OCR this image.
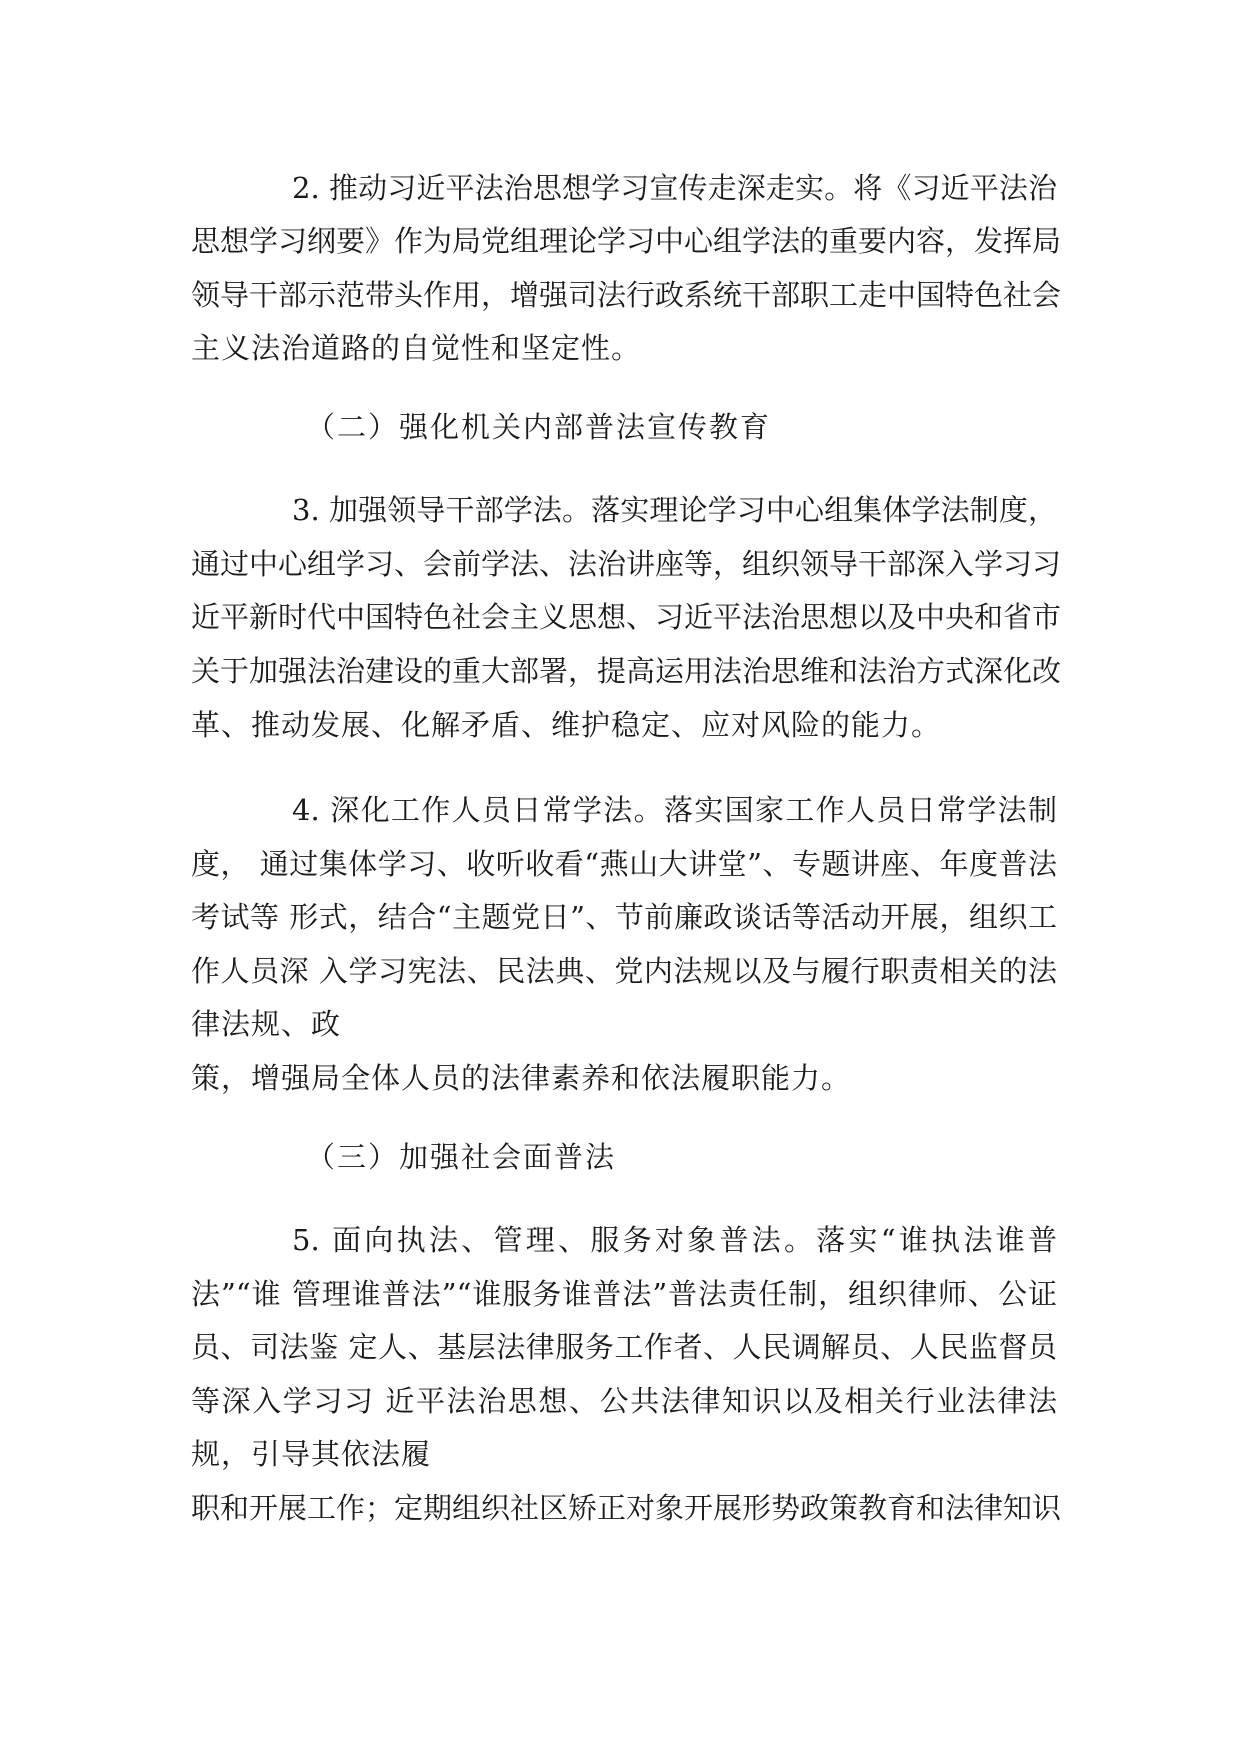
2. 推动习近平法治思想学习宣传走深走实。将《习近平法治
思想学习纲要》作为局党组理论学习中心组学法的重要内容，发挥局
领导干部示范带头作用，增强司法行政系统干部职工走中国特色社会
主义法治道路的自觉性和坚定性。
（二）强化机关内部普法宣传教育
3. 加强领导干部学法。落实理论学习中心组集体学法制度，
通过中心组学习、会前学法、法治讲座等，组织领导干部深入学习习
近平新时代中国特色社会主义思想、习近平法治思想以及中央和省市
关于加强法治建设的重大部署，提高运用法治思维和法治方式深化改
革、推动发展、化解矛盾、维护稳定、应对风险的能力。
4. 深化工作人员日常学法。落实国家工作人员日常学法制
度， 通过集体学习、收听收看“燕山大讲堂”、专题讲座、年度普法
考试等 形式，结合“主题党日”、节前廉政谈话等活动开展，组织工
作人员深 入学习宪法、民法典、党内法规以及与履行职责相关的法
律法规、政
策，增强局全体人员的法律素养和依法履职能力。
（三）加强社会面普法
5. 面向执法、管理、服务对象普法。落实“谁执法谁普
法”“谁 管理谁普法”“谁服务谁普法”普法责任制，组织律师、公证
员、司法鉴 定人、基层法律服务工作者、人民调解员、人民监督员
等深入学习习 近平法治思想、公共法律知识以及相关行业法律法
规，引导其依法履
职和开展工作；定期组织社区矫正对象开展形势政策教育和法律知识
